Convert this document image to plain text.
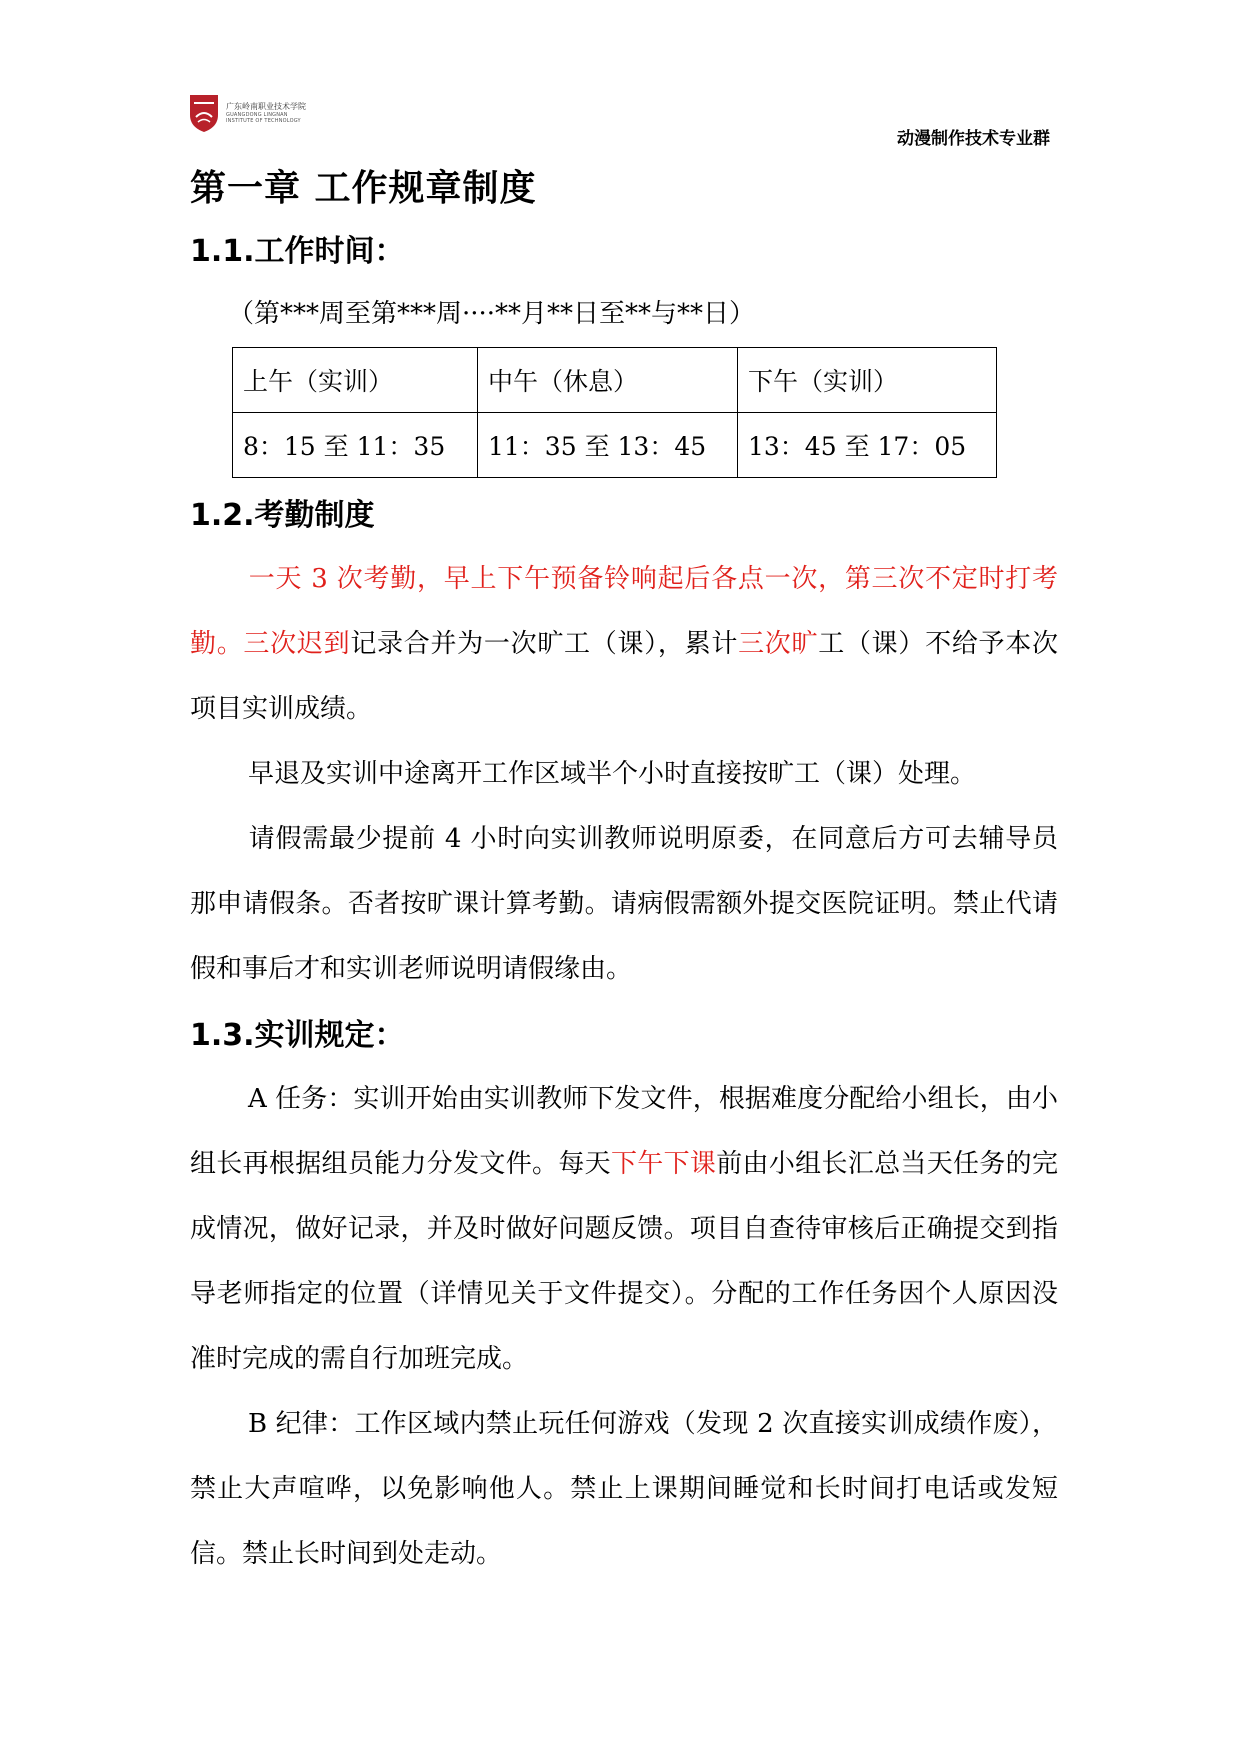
广东岭南职业技术学院
GUANGDONG LINGNAN
INSTITUTE OF TECHNOLOGY
动漫制作技术专业群
第一章 工作规章制度
1.1.工作时间：
（第***周至第***周····**月**日至**与**日）
上午（实训）	中午（休息）	下午（实训）
8：15 至 11：35	11：35 至 13：45	13：45 至 17：05
1.2.考勤制度
一天 3 次考勤，早上下午预备铃响起后各点一次，第三次不定时打考勤。三次迟到记录合并为一次旷工（课），累计三次旷工（课）不给予本次项目实训成绩。
早退及实训中途离开工作区域半个小时直接按旷工（课）处理。
请假需最少提前 4 小时向实训教师说明原委，在同意后方可去辅导员那申请假条。否者按旷课计算考勤。请病假需额外提交医院证明。禁止代请假和事后才和实训老师说明请假缘由。
1.3.实训规定：
A 任务：实训开始由实训教师下发文件，根据难度分配给小组长，由小组长再根据组员能力分发文件。每天下午下课前由小组长汇总当天任务的完成情况，做好记录，并及时做好问题反馈。项目自查待审核后正确提交到指导老师指定的位置（详情见关于文件提交）。分配的工作任务因个人原因没准时完成的需自行加班完成。
B 纪律：工作区域内禁止玩任何游戏（发现 2 次直接实训成绩作废），禁止大声喧哗，以免影响他人。禁止上课期间睡觉和长时间打电话或发短信。禁止长时间到处走动。
